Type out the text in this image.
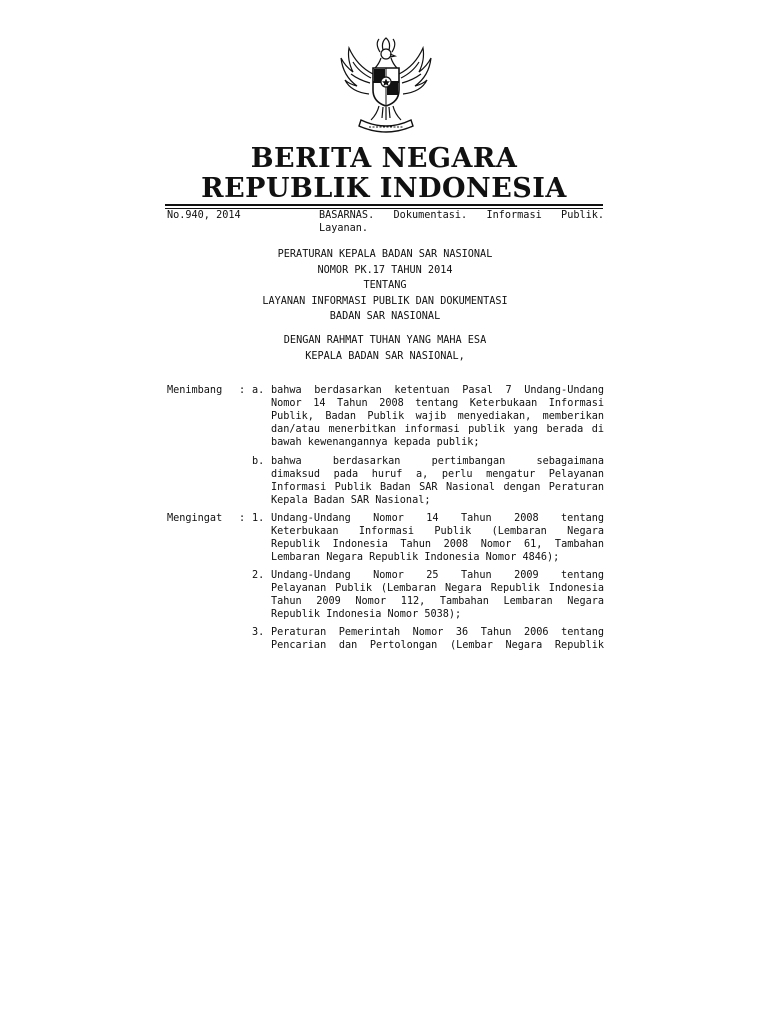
BERITA NEGARA
REPUBLIK INDONESIA
No.940, 2014	BASARNAS. Dokumentasi. Informasi Publik. Layanan.
PERATURAN KEPALA BADAN SAR NASIONAL
NOMOR PK.17 TAHUN 2014
TENTANG
LAYANAN INFORMASI PUBLIK DAN DOKUMENTASI
BADAN SAR NASIONAL
DENGAN RAHMAT TUHAN YANG MAHA ESA
KEPALA BADAN SAR NASIONAL,
Menimbang : a. bahwa berdasarkan ketentuan Pasal 7 Undang-Undang
Nomor 14 Tahun 2008 tentang Keterbukaan Informasi
Publik, Badan Publik wajib menyediakan, memberikan
dan/atau menerbitkan informasi publik yang berada di
bawah kewenangannya kepada publik;
b. bahwa berdasarkan pertimbangan sebagaimana
dimaksud pada huruf a, perlu mengatur Pelayanan
Informasi Publik Badan SAR Nasional dengan Peraturan
Kepala Badan SAR Nasional;
Mengingat : 1. Undang-Undang Nomor 14 Tahun 2008 tentang
Keterbukaan Informasi Publik (Lembaran Negara
Republik Indonesia Tahun 2008 Nomor 61, Tambahan
Lembaran Negara Republik Indonesia Nomor 4846);
2. Undang-Undang Nomor 25 Tahun 2009 tentang
Pelayanan Publik (Lembaran Negara Republik Indonesia
Tahun 2009 Nomor 112, Tambahan Lembaran Negara
Republik Indonesia Nomor 5038);
3. Peraturan Pemerintah Nomor 36 Tahun 2006 tentang
Pencarian dan Pertolongan (Lembar Negara Republik
